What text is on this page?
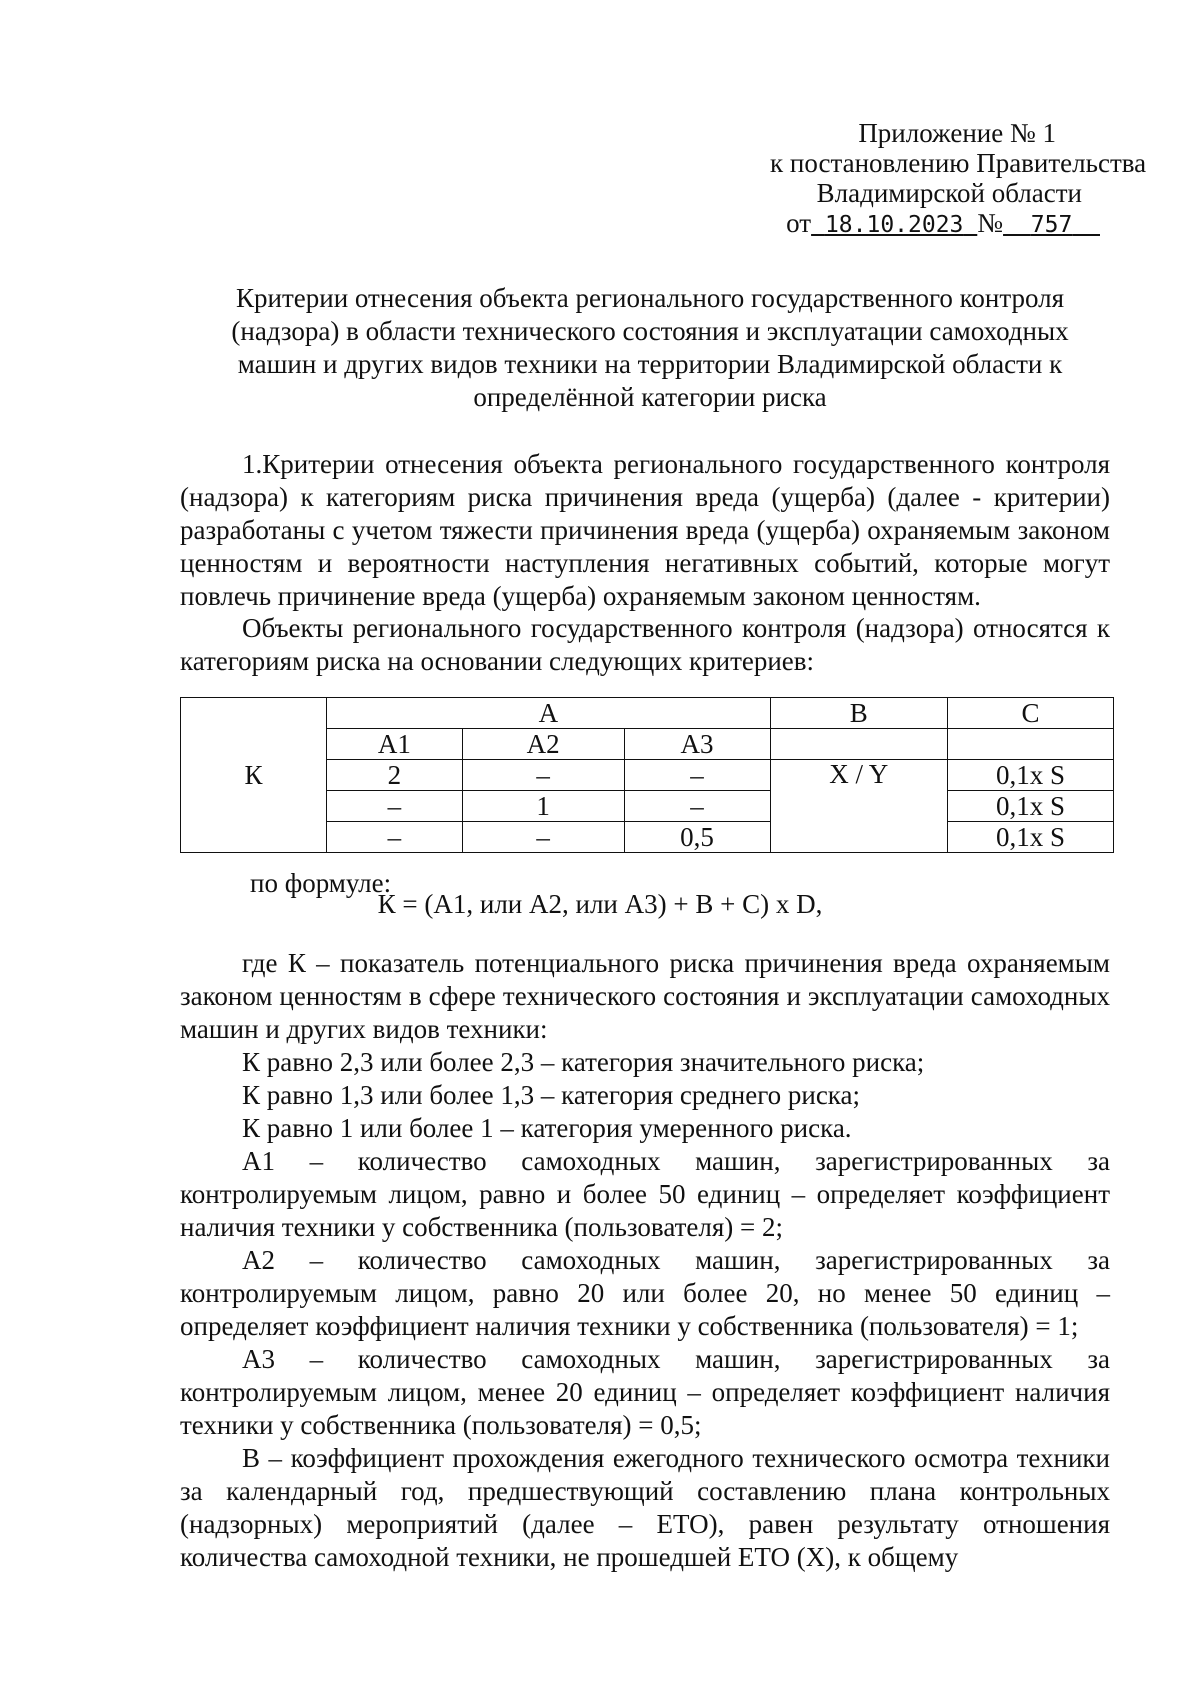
Приложение № 1
к постановлению Правительства
Владимирской области
от 18.10.2023 № 757
Критерии отнесения объекта регионального государственного контроля
(надзора) в области технического состояния и эксплуатации самоходных
машин и других видов техники на территории Владимирской области к
определённой категории риска
1.Критерии отнесения объекта регионального государственного контроля (надзора) к категориям риска причинения вреда (ущерба) (далее - критерии) разработаны с учетом тяжести причинения вреда (ущерба) охраняемым законом ценностям и вероятности наступления негативных событий, которые могут повлечь причинение вреда (ущерба) охраняемым законом ценностям.
Объекты регионального государственного контроля (надзора) относятся к категориям риска на основании следующих критериев:
К	А			В	С
	А1	А2	А3		
	2	–	–	X / Y	0,1х S
	–	1	–		0,1х S
	–	–	0,5		0,1х S
по формуле:
К = (А1, или А2, или А3) + В + С) х D,
где К – показатель потенциального риска причинения вреда охраняемым законом ценностям в сфере технического состояния и эксплуатации самоходных машин и других видов техники:
К равно 2,3 или более 2,3 – категория значительного риска;
К равно 1,3 или более 1,3 – категория среднего риска;
К равно 1 или более 1 – категория умеренного риска.
А1 – количество самоходных машин, зарегистрированных за контролируемым лицом, равно и более 50 единиц – определяет коэффициент наличия техники у собственника (пользователя) = 2;
А2 – количество самоходных машин, зарегистрированных за контролируемым лицом, равно 20 или более 20, но менее 50 единиц – определяет коэффициент наличия техники у собственника (пользователя) = 1;
А3 – количество самоходных машин, зарегистрированных за контролируемым лицом, менее 20 единиц – определяет коэффициент наличия техники у собственника (пользователя) = 0,5;
В – коэффициент прохождения ежегодного технического осмотра техники за календарный год, предшествующий составлению плана контрольных (надзорных) мероприятий (далее – ЕТО), равен результату отношения количества самоходной техники, не прошедшей ЕТО (Х), к общему
